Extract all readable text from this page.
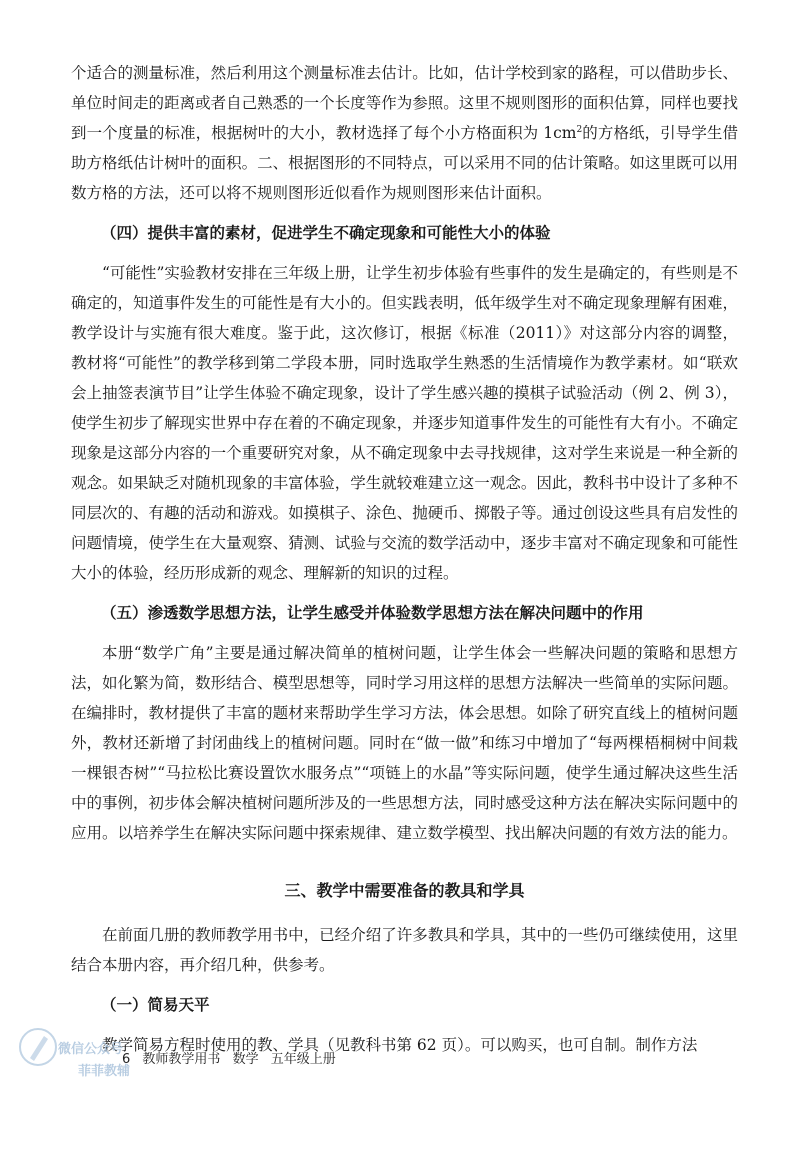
个适合的测量标准，然后利用这个测量标准去估计。比如，估计学校到家的路程，可以借助步长、单位时间走的距离或者自己熟悉的一个长度等作为参照。这里不规则图形的面积估算，同样也要找到一个度量的标准，根据树叶的大小，教材选择了每个小方格面积为 $1cm^2$的方格纸，引导学生借助方格纸估计树叶的面积。二、根据图形的不同特点，可以采用不同的估计策略。如这里既可以用数方格的方法，还可以将不规则图形近似看作为规则图形来估计面积。

（四）提供丰富的素材，促进学生不确定现象和可能性大小的体验

“可能性”实验教材安排在三年级上册，让学生初步体验有些事件的发生是确定的，有些则是不确定的，知道事件发生的可能性是有大小的。但实践表明，低年级学生对不确定现象理解有困难，教学设计与实施有很大难度。鉴于此，这次修订，根据《标准（2011）》对这部分内容的调整，教材将“可能性”的教学移到第二学段本册，同时选取学生熟悉的生活情境作为教学素材。如“联欢会上抽签表演节目”让学生体验不确定现象，设计了学生感兴趣的摸棋子试验活动（例 2、例 3），使学生初步了解现实世界中存在着的不确定现象，并逐步知道事件发生的可能性有大有小。不确定现象是这部分内容的一个重要研究对象，从不确定现象中去寻找规律，这对学生来说是一种全新的观念。如果缺乏对随机现象的丰富体验，学生就较难建立这一观念。因此，教科书中设计了多种不同层次的、有趣的活动和游戏。如摸棋子、涂色、抛硬币、掷骰子等。通过创设这些具有启发性的问题情境，使学生在大量观察、猜测、试验与交流的数学活动中，逐步丰富对不确定现象和可能性大小的体验，经历形成新的观念、理解新的知识的过程。

（五）渗透数学思想方法，让学生感受并体验数学思想方法在解决问题中的作用

本册“数学广角”主要是通过解决简单的植树问题，让学生体会一些解决问题的策略和思想方法，如化繁为简，数形结合、模型思想等，同时学习用这样的思想方法解决一些简单的实际问题。在编排时，教材提供了丰富的题材来帮助学生学习方法，体会思想。如除了研究直线上的植树问题外，教材还新增了封闭曲线上的植树问题。同时在“做一做”和练习中增加了“每两棵梧桐树中间栽一棵银杏树”“马拉松比赛设置饮水服务点”“项链上的水晶”等实际问题，使学生通过解决这些生活中的事例，初步体会解决植树问题所涉及的一些思想方法，同时感受这种方法在解决实际问题中的应用。以培养学生在解决实际问题中探索规律、建立数学模型、找出解决问题的有效方法的能力。

三、教学中需要准备的教具和学具

在前面几册的教师教学用书中，已经介绍了许多教具和学具，其中的一些仍可继续使用，这里结合本册内容，再介绍几种，供参考。

（一）简易天平

教学简易方程时使用的教、学具（见教科书第 62 页）。可以购买，也可自制。制作方法

微信公众号
菲菲教辅
6 教师教学用书 数学 五年级上册
